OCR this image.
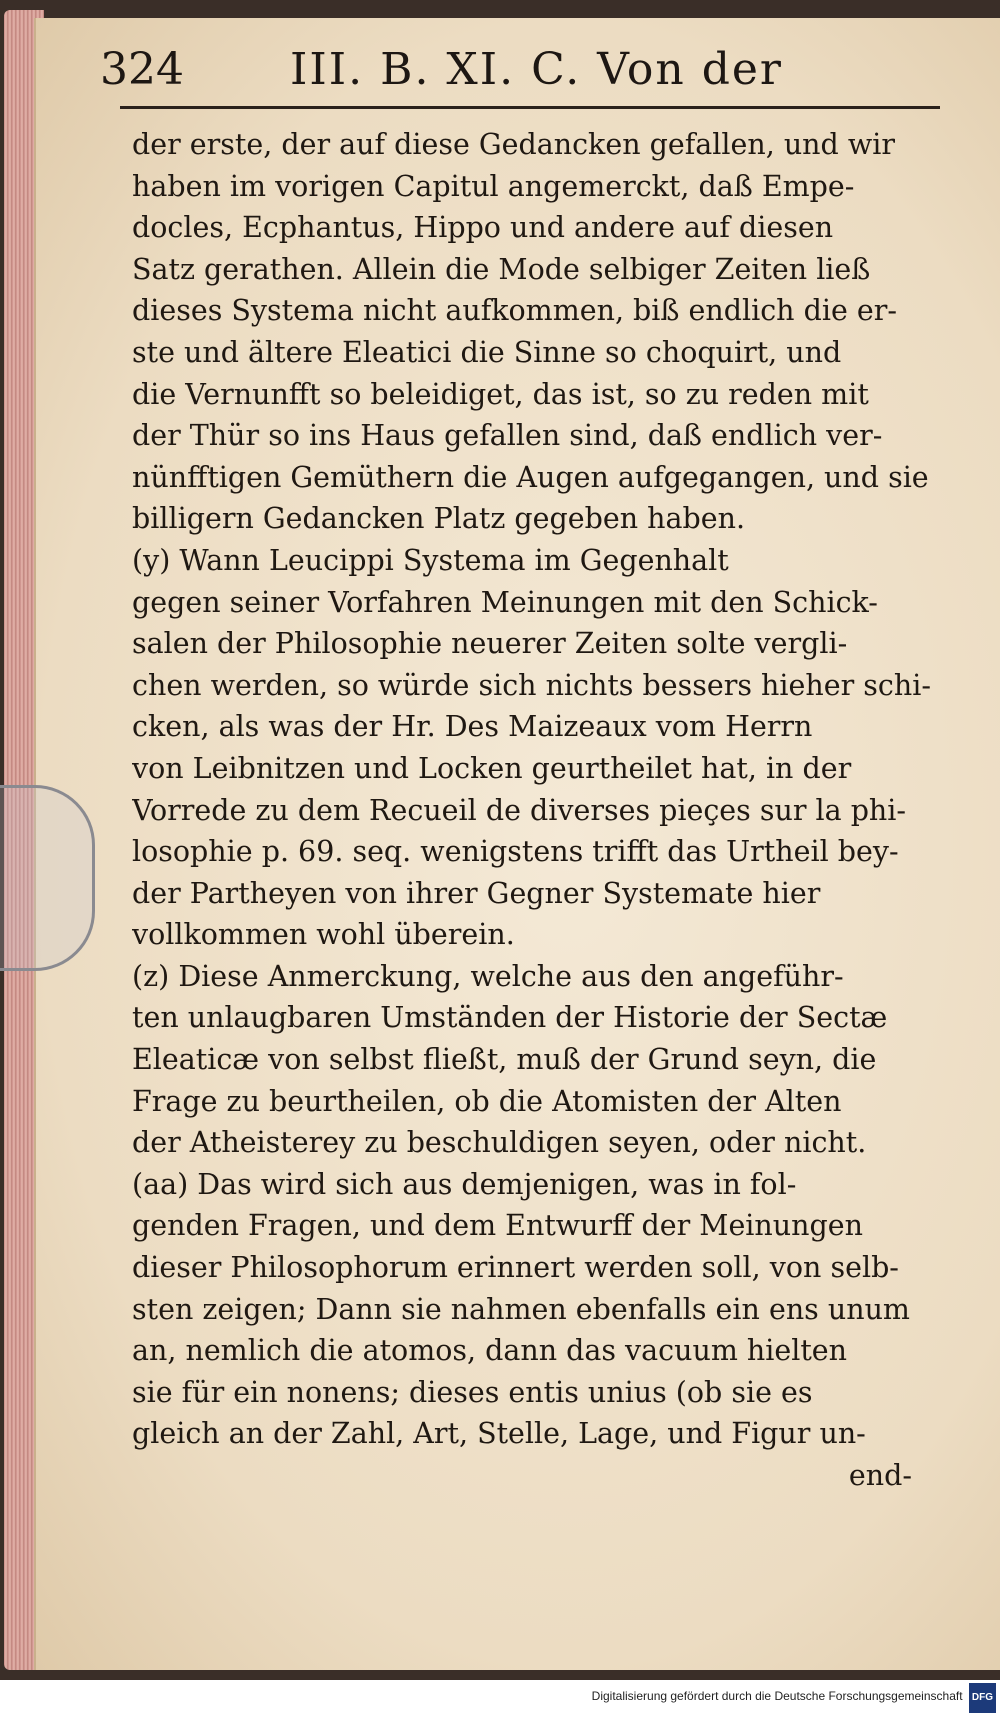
324	III. B. XI. C. Von der
der erste, der auf diese Gedancken gefallen, und wir
haben im vorigen Capitul angemerckt, daß Empe-
docles, Ecphantus, Hippo und andere auf diesen
Satz gerathen. Allein die Mode selbiger Zeiten ließ
dieses Systema nicht aufkommen, biß endlich die er-
ste und ältere Eleatici die Sinne so choquirt, und
die Vernunfft so beleidiget, das ist, so zu reden mit
der Thür so ins Haus gefallen sind, daß endlich ver-
nünfftigen Gemüthern die Augen aufgegangen, und sie
billigern Gedancken Platz gegeben haben.
(y) Wann Leucippi Systema im Gegenhalt
gegen seiner Vorfahren Meinungen mit den Schick-
salen der Philosophie neuerer Zeiten solte vergli-
chen werden, so würde sich nichts bessers hieher schi-
cken, als was der Hr. Des Maizeaux vom Herrn
von Leibnitzen und Locken geurtheilet hat, in der
Vorrede zu dem Recueil de diverses pieçes sur la phi-
losophie p. 69. seq. wenigstens trifft das Urtheil bey-
der Partheyen von ihrer Gegner Systemate hier
vollkommen wohl überein.
(z) Diese Anmerckung, welche aus den angeführ-
ten unlaugbaren Umständen der Historie der Sectæ
Eleaticæ von selbst fließt, muß der Grund seyn, die
Frage zu beurtheilen, ob die Atomisten der Alten
der Atheisterey zu beschuldigen seyen, oder nicht.
(aa) Das wird sich aus demjenigen, was in fol-
genden Fragen, und dem Entwurff der Meinungen
dieser Philosophorum erinnert werden soll, von selb-
sten zeigen; Dann sie nahmen ebenfalls ein ens unum
an, nemlich die atomos, dann das vacuum hielten
sie für ein nonens; dieses entis unius (ob sie es
gleich an der Zahl, Art, Stelle, Lage, und Figur un-
end-
Digitalisierung gefördert durch die Deutsche Forschungsgemeinschaft DFG
